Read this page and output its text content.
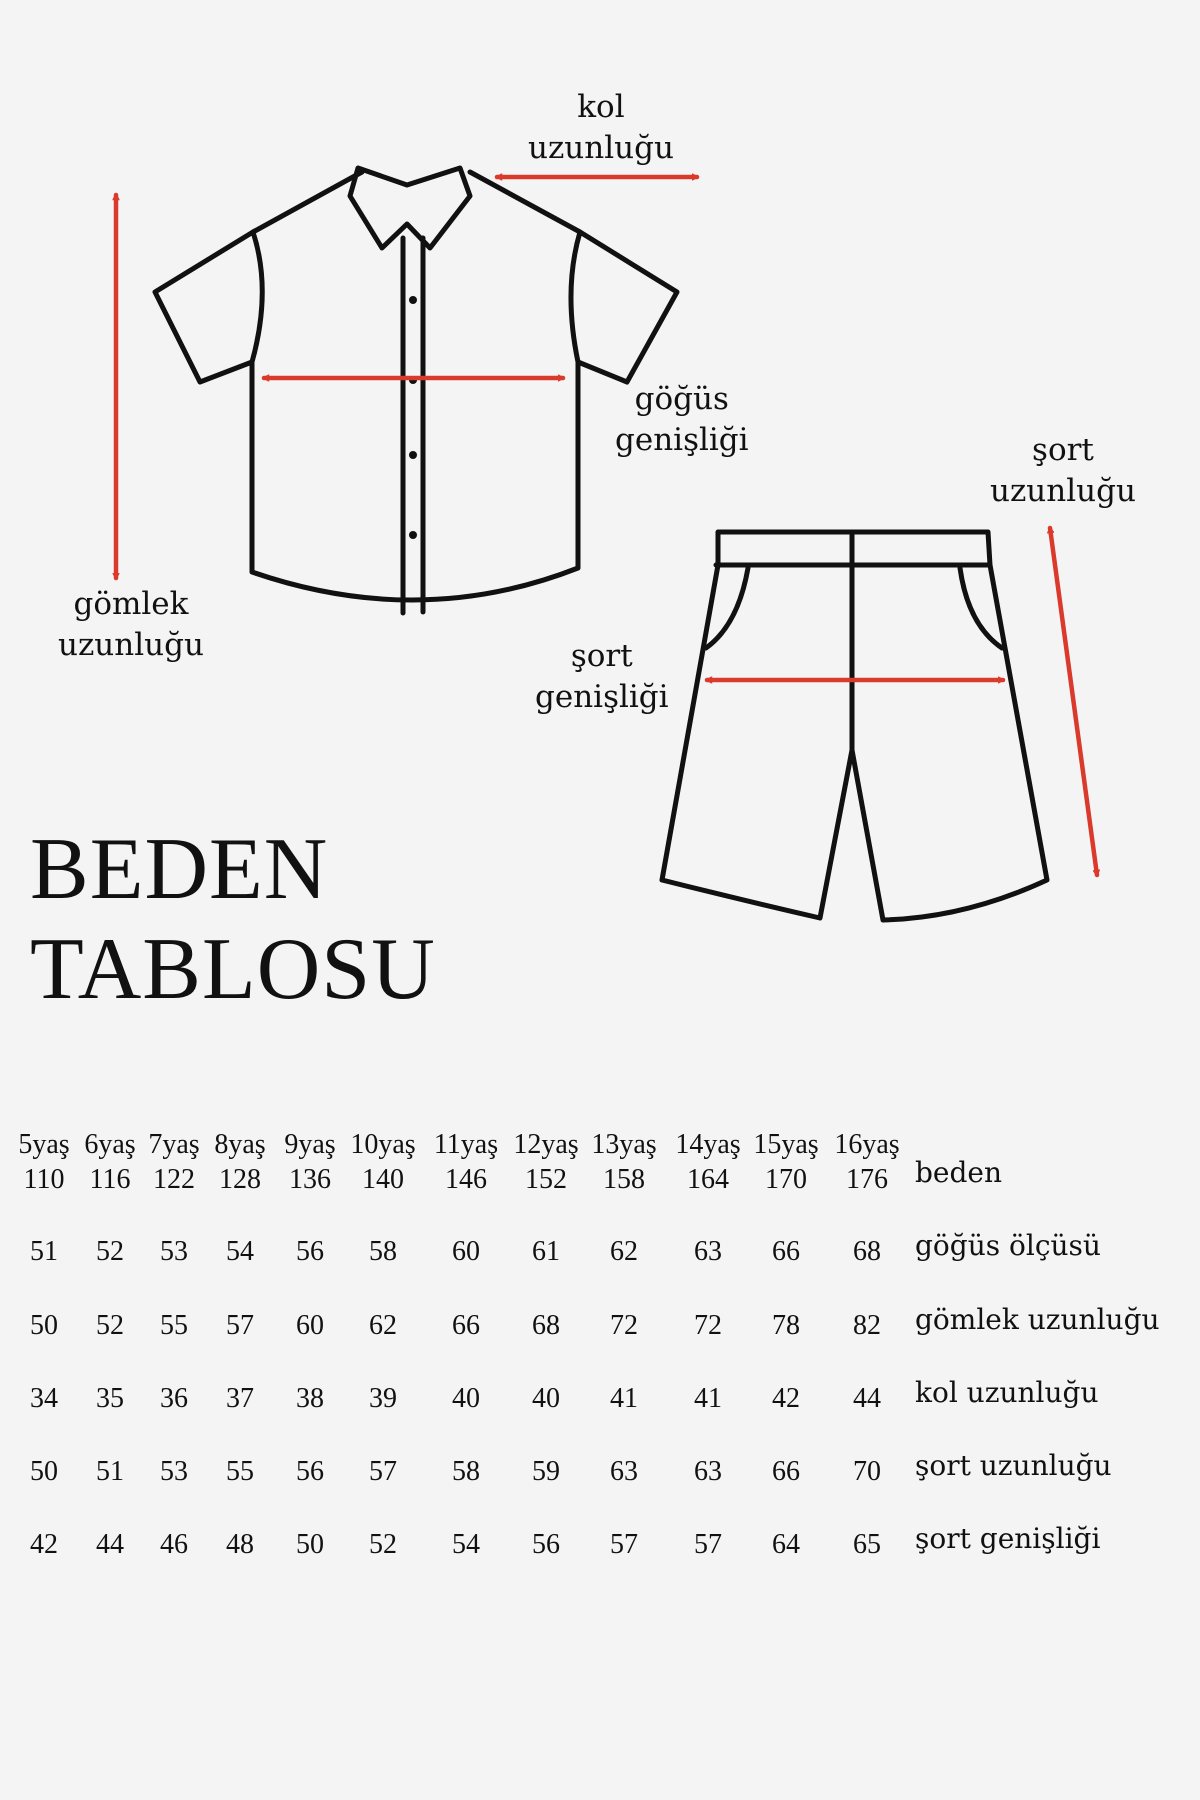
kol
uzunluğu
göğüs
genişliği
gömlek
uzunluğu
şort
uzunluğu
şort
genişliği
BEDEN
TABLOSU
5yaş 6yaş 7yaş 8yaş 9yaş 10yaş 11yaş 12yaş 13yaş 14yaş 15yaş 16yaş
110 116 122 128	136	140	146	152	158	164	170	176 beden
51	52	53	54	56	58	60	61	62	63	66	68	göğüs ölçüsü
50	52	55	57	60	62	66	68	72	72	78	82	gömlek uzunluğu
34	35	36	37	38	39	40	40	41	41	42	44	kol uzunluğu
50	51	53	55	56	57	58	59	63	63	66	70	şort uzunluğu
42	44	46	48	50	52	54	56	57	57	64	65	şort genişliği
